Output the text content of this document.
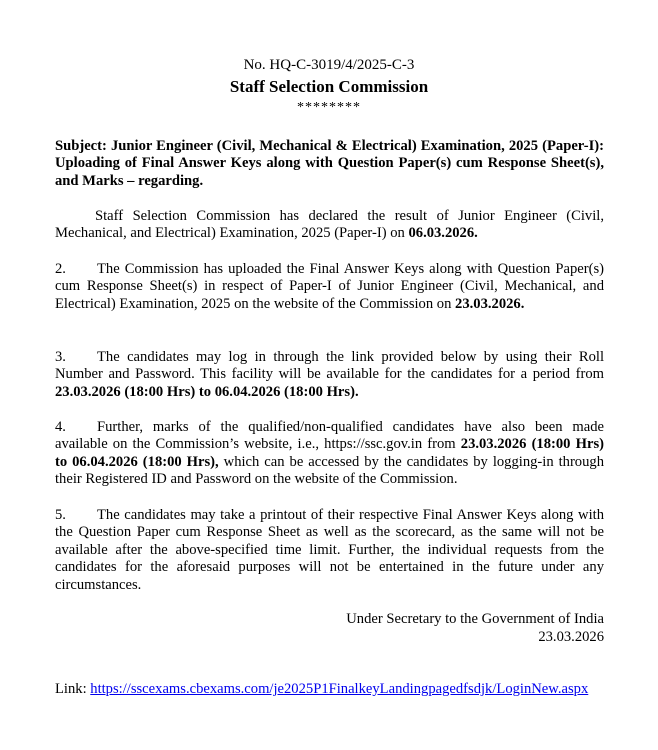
No. HQ-C-3019/4/2025-C-3
Staff Selection Commission
********

Subject: Junior Engineer (Civil, Mechanical & Electrical) Examination, 2025 (Paper-I): Uploading of Final Answer Keys along with Question Paper(s) cum Response Sheet(s), and Marks – regarding.

Staff Selection Commission has declared the result of Junior Engineer (Civil, Mechanical, and Electrical) Examination, 2025 (Paper-I) on 06.03.2026.

2. The Commission has uploaded the Final Answer Keys along with Question Paper(s) cum Response Sheet(s) in respect of Paper-I of Junior Engineer (Civil, Mechanical, and Electrical) Examination, 2025 on the website of the Commission on 23.03.2026.

3. The candidates may log in through the link provided below by using their Roll Number and Password. This facility will be available for the candidates for a period from 23.03.2026 (18:00 Hrs) to 06.04.2026 (18:00 Hrs).

4. Further, marks of the qualified/non-qualified candidates have also been made available on the Commission’s website, i.e., https://ssc.gov.in from 23.03.2026 (18:00 Hrs) to 06.04.2026 (18:00 Hrs), which can be accessed by the candidates by logging-in through their Registered ID and Password on the website of the Commission.

5. The candidates may take a printout of their respective Final Answer Keys along with the Question Paper cum Response Sheet as well as the scorecard, as the same will not be available after the above-specified time limit. Further, the individual requests from the candidates for the aforesaid purposes will not be entertained in the future under any circumstances.

Under Secretary to the Government of India
23.03.2026
Link: https://sscexams.cbexams.com/je2025P1FinalkeyLandingpagedfsdjk/LoginNew.aspx
